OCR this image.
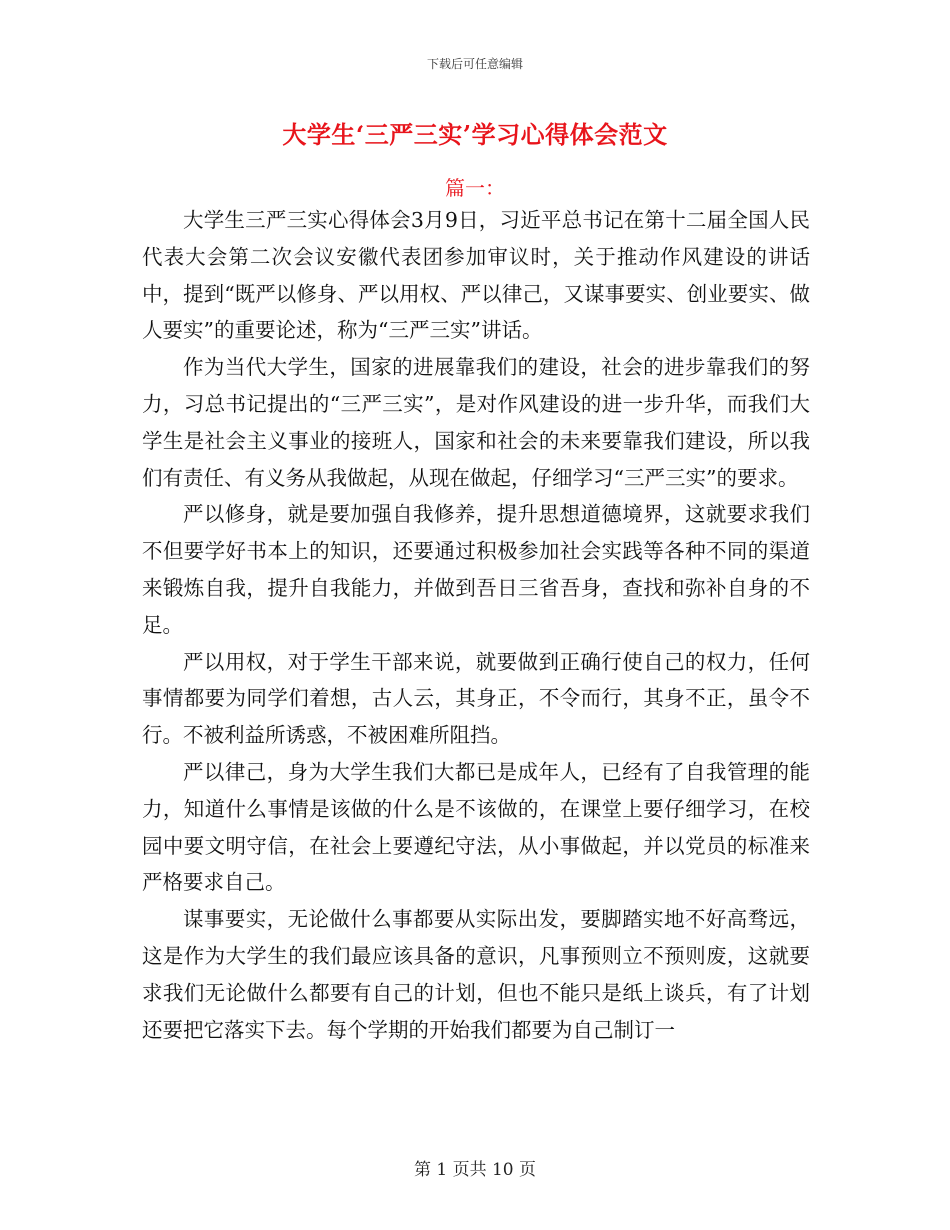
下载后可任意编辑
大学生‘三严三实’学习心得体会范文
篇一：

大学生三严三实心得体会3月9日，习近平总书记在第十二届全国人民代表大会第二次会议安徽代表团参加审议时，关于推动作风建设的讲话中，提到“既严以修身、严以用权、严以律己，又谋事要实、创业要实、做人要实”的重要论述，称为“三严三实”讲话。

作为当代大学生，国家的进展靠我们的建设，社会的进步靠我们的努力，习总书记提出的“三严三实”，是对作风建设的进一步升华，而我们大学生是社会主义事业的接班人，国家和社会的未来要靠我们建设，所以我们有责任、有义务从我做起，从现在做起，仔细学习“三严三实”的要求。

严以修身，就是要加强自我修养，提升思想道德境界，这就要求我们不但要学好书本上的知识，还要通过积极参加社会实践等各种不同的渠道来锻炼自我，提升自我能力，并做到吾日三省吾身，查找和弥补自身的不足。

严以用权，对于学生干部来说，就要做到正确行使自己的权力，任何事情都要为同学们着想，古人云，其身正，不令而行，其身不正，虽令不行。不被利益所诱惑，不被困难所阻挡。

严以律己，身为大学生我们大都已是成年人，已经有了自我管理的能力，知道什么事情是该做的什么是不该做的，在课堂上要仔细学习，在校园中要文明守信，在社会上要遵纪守法，从小事做起，并以党员的标准来严格要求自己。

谋事要实，无论做什么事都要从实际出发，要脚踏实地不好高骛远，这是作为大学生的我们最应该具备的意识，凡事预则立不预则废，这就要求我们无论做什么都要有自己的计划，但也不能只是纸上谈兵，有了计划还要把它落实下去。每个学期的开始我们都要为自己制订一

第 1 页共 10 页
